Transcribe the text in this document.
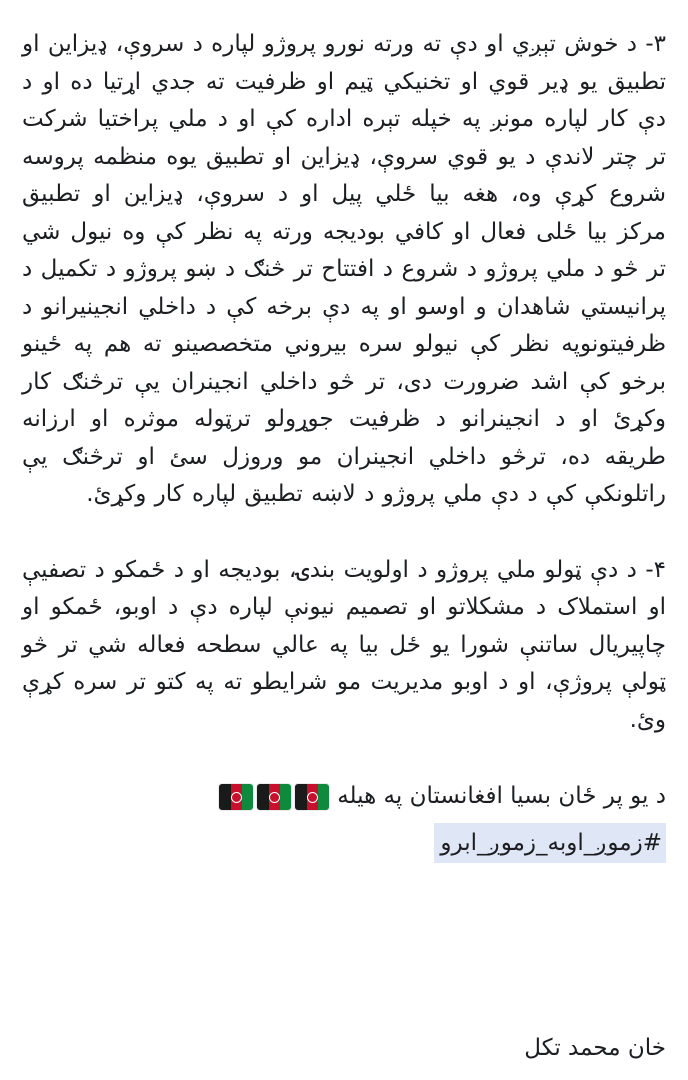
۳- د خوش تېږي او دې ته ورته نورو پروژو لپاره د سروې، ډیزاین او تطبیق یو ډیر قوي او تخنیکي ټیم او ظرفیت ته جدي اړتیا ده او د دې کار لپاره مونږ په خپله تېره اداره کې او د ملي پراختیا شرکت تر چتر لاندې د یو قوي سروې، ډیزاین او تطبیق یوه منظمه پروسه شروع کړې وه، هغه بیا ځلي پیل او د سروې، ډیزاین او تطبیق مرکز بیا ځلی فعال او کافي بودیجه ورته په نظر کې وه نیول شي تر څو د ملي پروژو د شروع د افتتاح تر څنګ د ښو پروژو د تکمیل د پرانیستي شاهدان و اوسو او په دې برخه کې د داخلي انجینیرانو د ظرفیتونوپه نظر کې نیولو سره بیروني متخصصینو ته هم په ځینو برخو کې اشد ضرورت دی، تر څو داخلي انجینران یې ترڅنګ کار وکړئ او د انجینرانو د ظرفیت جوړولو ترټوله موثره او ارزانه طریقه ده، ترڅو داخلي انجینران مو وروزل سئ او ترڅنګ یې راتلونکې کې د دې ملي پروژو د لاښه تطبیق لپاره کار وکړئ.

۴- د دې ټولو ملي پروژو د اولویت بندۍ، بودیجه او د ځمکو د تصفیې او استملاک د مشکلاتو او تصمیم نیونې لپاره دې د اوبو، ځمکو او چاپیریال ساتنې شورا یو ځل بیا په عالي سطحه فعاله شي تر څو ټولې پروژې، او د اوبو مدیریت مو شرایطو ته په کتو تر سره کړې وئ.

د یو پر ځان بسیا افغانستان په هیله
#زموږ_اوبه_زموږ_ابرو
خان محمد تکل
